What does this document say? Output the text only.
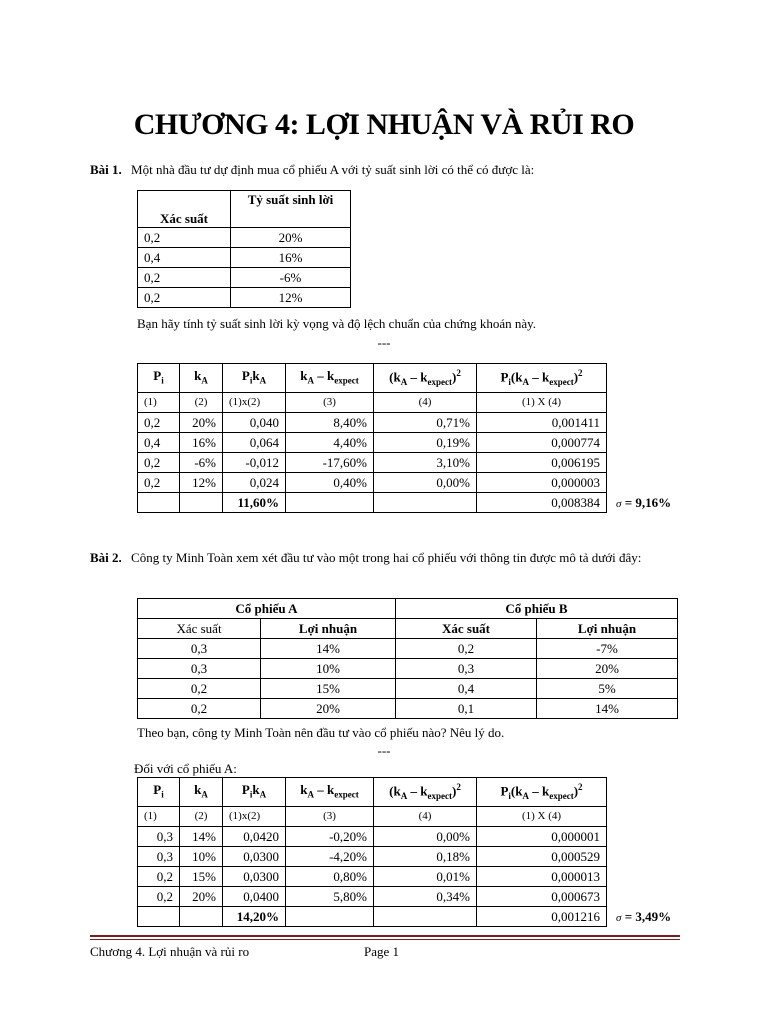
CHƯƠNG 4: LỢI NHUẬN VÀ RỦI RO
Bài 1. Một nhà đầu tư dự định mua cổ phiếu A với tỷ suất sinh lời có thể có được là:
Xác suất	Tỷ suất sinh lời
0,2	20%
0,4	16%
0,2	-6%
0,2	12%
Bạn hãy tính tỷ suất sinh lời kỳ vọng và độ lệch chuẩn của chứng khoán này.
---
$P_i$	$k_A$	$P_ik_A$	$k_A - k_{expect}$	$(k_A - k_{expect})^2$	$P_i(k_A - k_{expect})^2$
(1)	(2)	(1)x(2)	(3)	(4)	(1) X (4)
0,2	20%	0,040	8,40%	0,71%	0,001411
0,4	16%	0,064	4,40%	0,19%	0,000774
0,2	-6%	-0,012	-17,60%	3,10%	0,006195
0,2	12%	0,024	0,40%	0,00%	0,000003
		11,60%			0,008384 σ = 9,16%
Bài 2. Công ty Minh Toàn xem xét đầu tư vào một trong hai cổ phiếu với thông tin được mô tả dưới đây:
Cổ phiếu A		Cổ phiếu B	
Xác suất	Lợi nhuận	Xác suất	Lợi nhuận
0,3	14%	0,2	-7%
0,3	10%	0,3	20%
0,2	15%	0,4	5%
0,2	20%	0,1	14%
Theo bạn, công ty Minh Toàn nên đầu tư vào cổ phiếu nào? Nêu lý do.
---
Đối với cổ phiếu A:
$P_i$	$k_A$	$P_ik_A$	$k_A - k_{expect}$	$(k_A - k_{expect})^2$	$P_i(k_A - k_{expect})^2$
(1)	(2)	(1)x(2)	(3)	(4)	(1) X (4)
0,3	14%	0,0420	-0,20%	0,00%	0,000001
0,3	10%	0,0300	-4,20%	0,18%	0,000529
0,2	15%	0,0300	0,80%	0,01%	0,000013
0,2	20%	0,0400	5,80%	0,34%	0,000673
		14,20%			0,001216 σ = 3,49%
Chương 4. Lợi nhuận và rủi ro	Page 1
